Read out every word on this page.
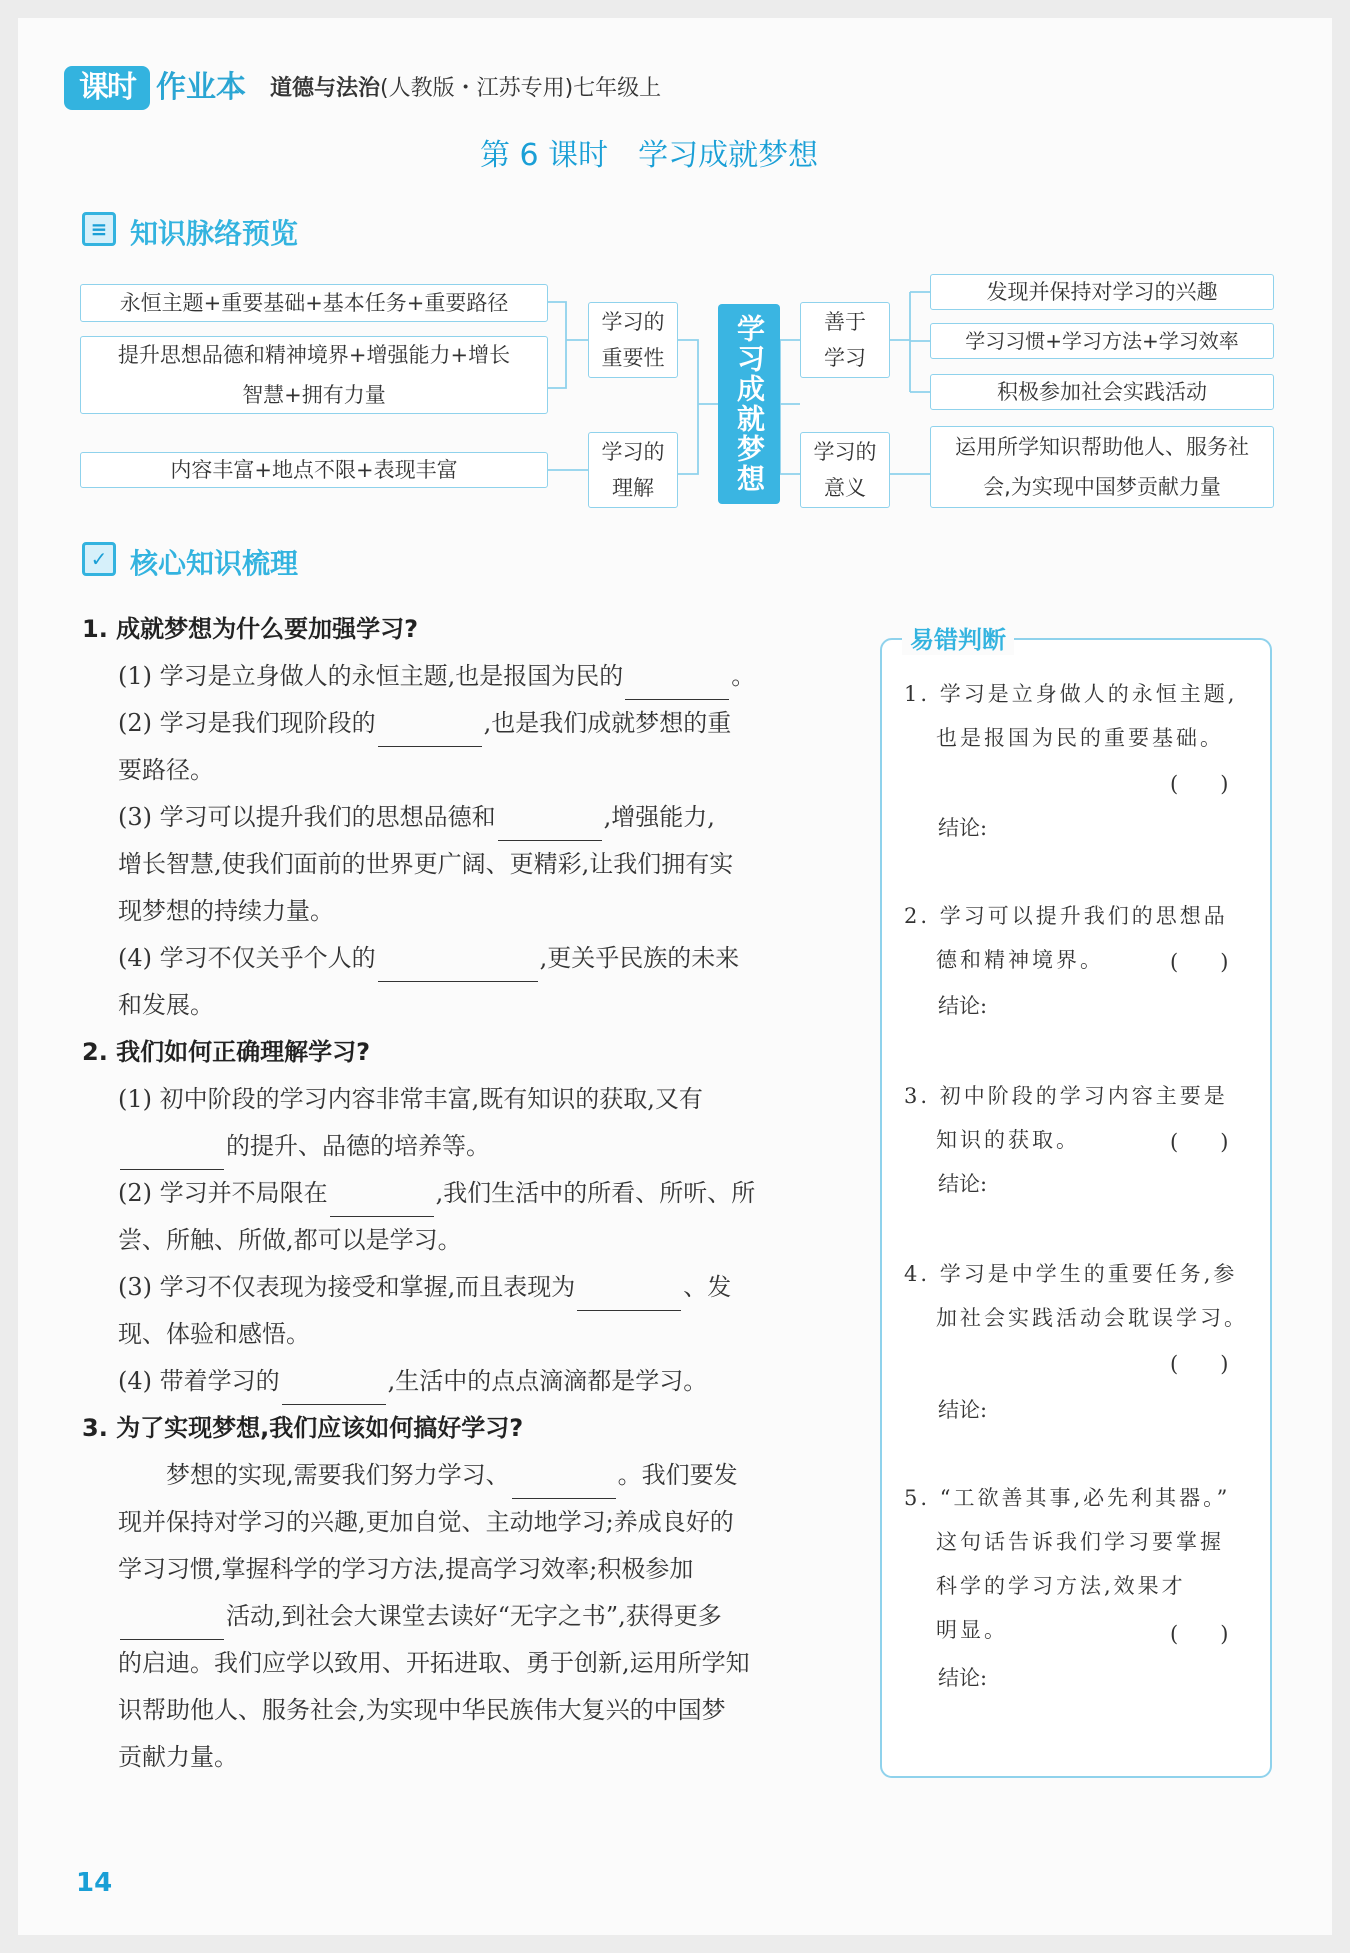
课时 作业本 道德与法治(人教版・江苏专用)七年级上
第 6 课时　学习成就梦想
≡ 知识脉络预览
永恒主题+重要基础+基本任务+重要路径
提升思想品德和精神境界+增强能力+增长智慧+拥有力量
内容丰富+地点不限+表现丰富
学习的重要性
学习的理解	学习成就梦想	善于学习
学习的意义
发现并保持对学习的兴趣
学习习惯+学习方法+学习效率
积极参加社会实践活动
运用所学知识帮助他人、服务社会,为实现中国梦贡献力量
✓ 核心知识梳理
1. 成就梦想为什么要加强学习?
(1) 学习是立身做人的永恒主题,也是报国为民的	。
(2) 学习是我们现阶段的	,也是我们成就梦想的重
要路径。
(3) 学习可以提升我们的思想品德和	,增强能力,
增长智慧,使我们面前的世界更广阔、更精彩,让我们拥有实
现梦想的持续力量。
(4) 学习不仅关乎个人的	,更关乎民族的未来
和发展。
2. 我们如何正确理解学习?
(1) 初中阶段的学习内容非常丰富,既有知识的获取,又有
的提升、品德的培养等。
(2) 学习并不局限在	,我们生活中的所看、所听、所
尝、所触、所做,都可以是学习。
(3) 学习不仅表现为接受和掌握,而且表现为	、发
现、体验和感悟。
(4) 带着学习的	,生活中的点点滴滴都是学习。
3. 为了实现梦想,我们应该如何搞好学习?
梦想的实现,需要我们努力学习、	。我们要发
现并保持对学习的兴趣,更加自觉、主动地学习;养成良好的
学习习惯,掌握科学的学习方法,提高学习效率;积极参加
活动,到社会大课堂去读好“无字之书”,获得更多
的启迪。我们应学以致用、开拓进取、勇于创新,运用所学知
识帮助他人、服务社会,为实现中华民族伟大复兴的中国梦
贡献力量。
易错判断
1. 学习是立身做人的永恒主题,
也是报国为民的重要基础。
(　　)
结论:
2. 学习可以提升我们的思想品
德和精神境界。	(　　)
结论:
3. 初中阶段的学习内容主要是
知识的获取。	(　　)
结论:
4. 学习是中学生的重要任务,参
加社会实践活动会耽误学习。
(　　)
结论:
5. “工欲善其事,必先利其器。”
这句话告诉我们学习要掌握
科学的学习方法,效果才
明显。	(　　)
结论:
14
